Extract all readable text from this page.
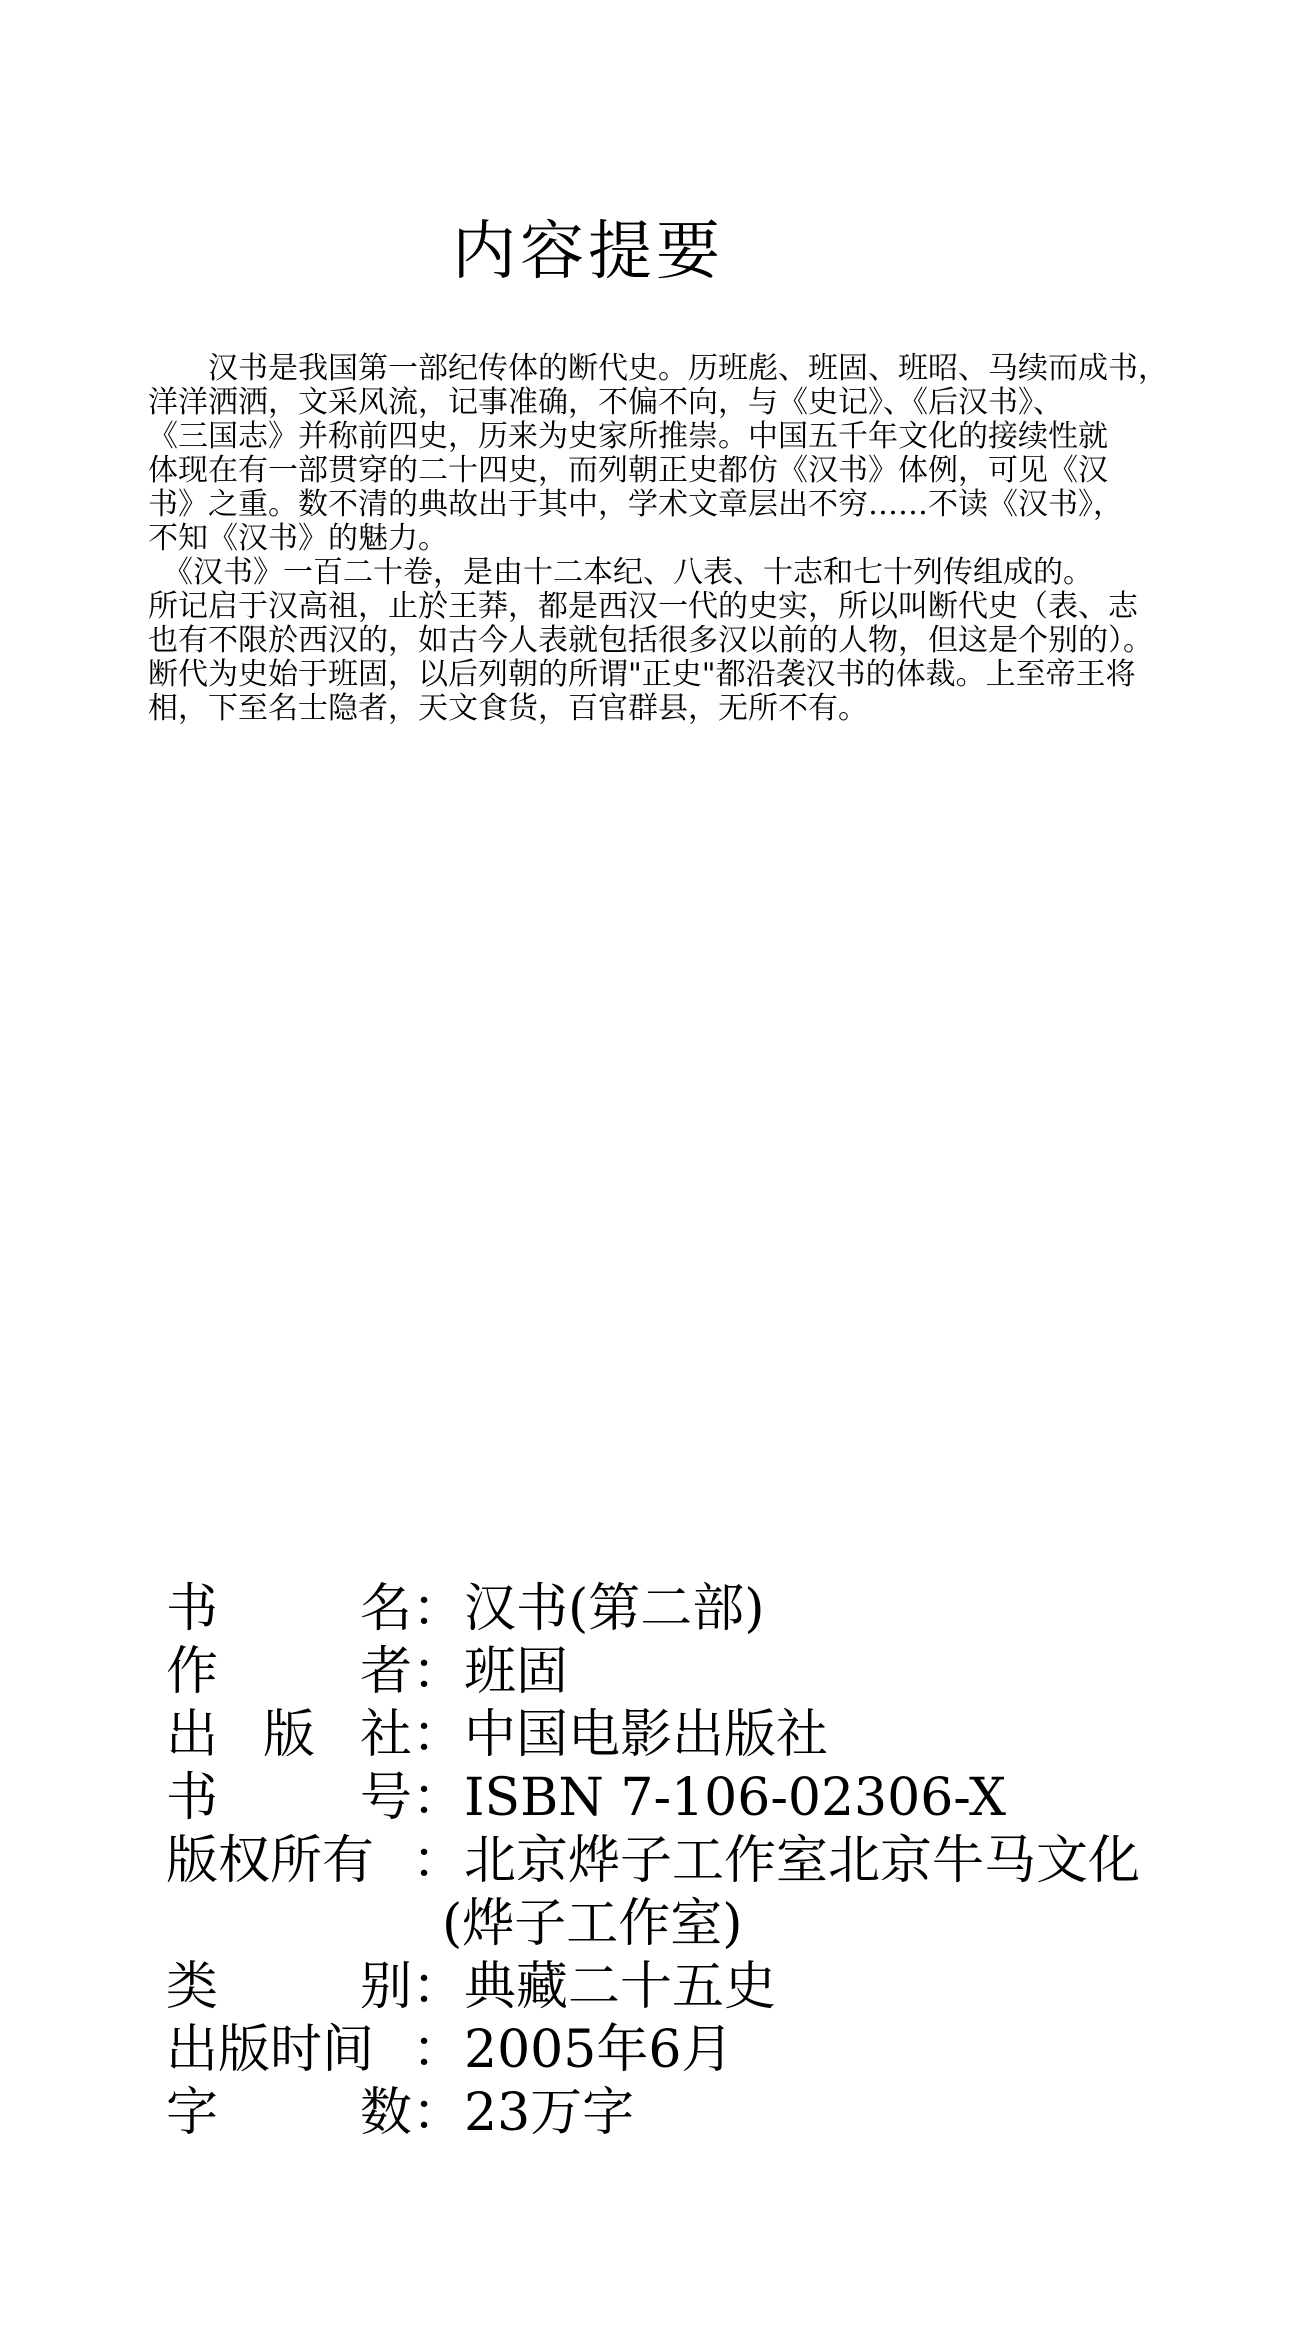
内容提要
　　汉书是我国第一部纪传体的断代史。历班彪、班固、班昭、马续而成书，
洋洋洒洒，文采风流，记事准确，不偏不向，与《史记》、《后汉书》、
《三国志》并称前四史，历来为史家所推崇。中国五千年文化的接续性就
体现在有一部贯穿的二十四史，而列朝正史都仿《汉书》体例，可见《汉
书》之重。数不清的典故出于其中，学术文章层出不穷……不读《汉书》，
不知《汉书》的魅力。
　《汉书》一百二十卷，是由十二本纪、八表、十志和七十列传组成的。
所记启于汉高祖，止於王莽，都是西汉一代的史实，所以叫断代史（表、志
也有不限於西汉的，如古今人表就包括很多汉以前的人物，但这是个别的）。
断代为史始于班固，以后列朝的所谓"正史"都沿袭汉书的体裁。上至帝王将
相，下至名士隐者，天文食货，百官群县，无所不有。
书	名 ： 汉书(第二部)
作	者 ： 班固
出 版 社 ： 中国电影出版社
书	号 ： ISBN 7-106-02306-X
版权所有 ： 北京烨子工作室北京牛马文化
(烨子工作室)
类	别 ： 典藏二十五史
出版时间 ： 2005年6月
字	数 ： 23万字
